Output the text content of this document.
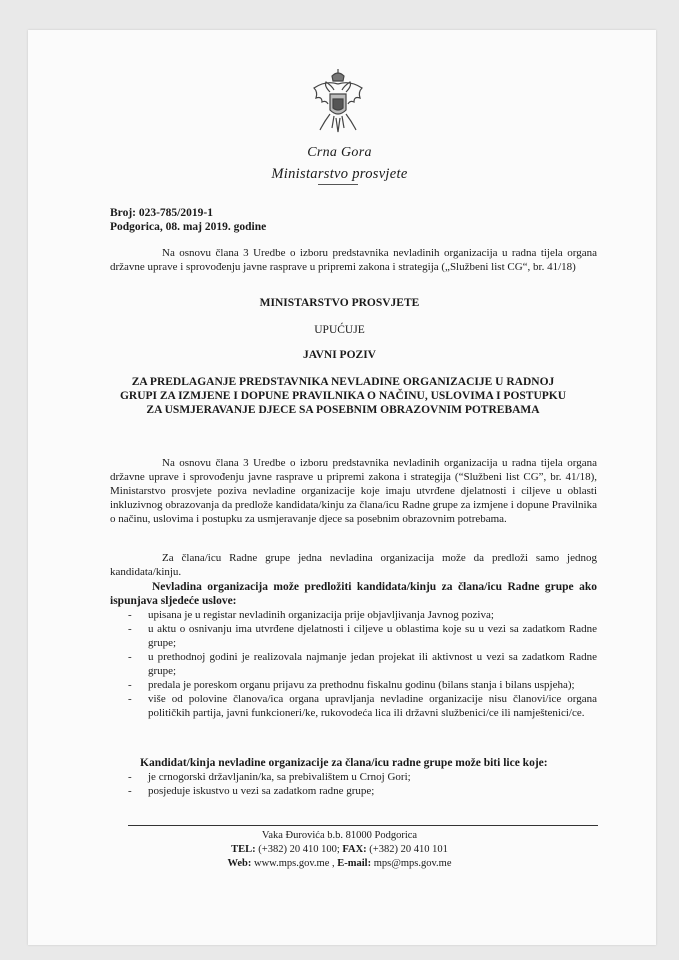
Crna Gora
Ministarstvo prosvjete
Broj: 023-785/2019-1
Podgorica, 08. maj 2019. godine
Na osnovu člana 3 Uredbe o izboru predstavnika nevladinih organizacija u radna tijela organa državne uprave i sprovođenju javne rasprave u pripremi zakona i strategija („Službeni list CG“, br. 41/18)
MINISTARSTVO PROSVJETE
UPUĆUJE
JAVNI POZIV
ZA PREDLAGANJE PREDSTAVNIKA NEVLADINE ORGANIZACIJE U RADNOJ GRUPI ZA IZMJENE I DOPUNE PRAVILNIKA O NAČINU, USLOVIMA I POSTUPKU ZA USMJERAVANJE DJECE SA POSEBNIM OBRAZOVNIM POTREBAMA
Na osnovu člana 3 Uredbe o izboru predstavnika nevladinih organizacija u radna tijela organa državne uprave i sprovođenju javne rasprave u pripremi zakona i strategija (“Službeni list CG”, br. 41/18), Ministarstvo prosvjete poziva nevladine organizacije koje imaju utvrđene djelatnosti i ciljeve u oblasti inkluzivnog obrazovanja da predlože kandidata/kinju za člana/icu Radne grupe za izmjene i dopune Pravilnika o načinu, uslovima i postupku za usmjeravanje djece sa posebnim obrazovnim potrebama.
Za člana/icu Radne grupe jedna nevladina organizacija može da predloži samo jednog kandidata/kinju.
Nevladina organizacija može predložiti kandidata/kinju za člana/icu Radne grupe ako ispunjava sljedeće uslove:
- upisana je u registar nevladinih organizacija prije objavljivanja Javnog poziva;
- u aktu o osnivanju ima utvrđene djelatnosti i ciljeve u oblastima koje su u vezi sa zadatkom Radne grupe;
- u prethodnoj godini je realizovala najmanje jedan projekat ili aktivnost u vezi sa zadatkom Radne grupe;
- predala je poreskom organu prijavu za prethodnu fiskalnu godinu (bilans stanja i bilans uspjeha);
- više od polovine članova/ica organa upravljanja nevladine organizacije nisu članovi/ice organa političkih partija, javni funkcioneri/ke, rukovodeća lica ili državni službenici/ce ili namještenici/ce.
Kandidat/kinja nevladine organizacije za člana/icu radne grupe može biti lice koje:
- je crnogorski državljanin/ka, sa prebivalištem u Crnoj Gori;
- posjeduje iskustvo u vezi sa zadatkom radne grupe;
Vaka Đurovića b.b. 81000 Podgorica
TEL: (+382) 20 410 100; FAX: (+382) 20 410 101
Web: www.mps.gov.me , E-mail: mps@mps.gov.me
